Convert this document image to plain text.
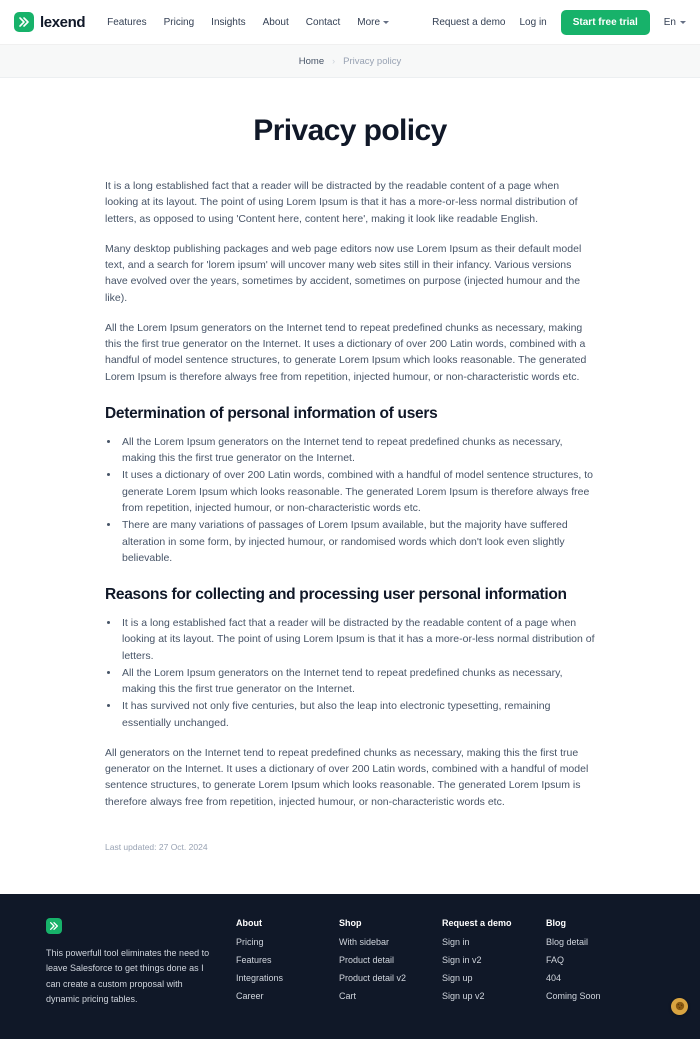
lexend Features Pricing Insights About Contact More	Request a demo Log in	Start free trial	En
Home › Privacy policy
Privacy policy

It is a long established fact that a reader will be distracted by the readable content of a page when looking at its layout. The point of using Lorem Ipsum is that it has a more-or-less normal distribution of letters, as opposed to using 'Content here, content here', making it look like readable English.

Many desktop publishing packages and web page editors now use Lorem Ipsum as their default model text, and a search for 'lorem ipsum' will uncover many web sites still in their infancy. Various versions have evolved over the years, sometimes by accident, sometimes on purpose (injected humour and the like).

All the Lorem Ipsum generators on the Internet tend to repeat predefined chunks as necessary, making this the first true generator on the Internet. It uses a dictionary of over 200 Latin words, combined with a handful of model sentence structures, to generate Lorem Ipsum which looks reasonable. The generated Lorem Ipsum is therefore always free from repetition, injected humour, or non-characteristic words etc.

Determination of personal information of users
• All the Lorem Ipsum generators on the Internet tend to repeat predefined chunks as necessary, making this the first true generator on the Internet.
• It uses a dictionary of over 200 Latin words, combined with a handful of model sentence structures, to generate Lorem Ipsum which looks reasonable. The generated Lorem Ipsum is therefore always free from repetition, injected humour, or non-characteristic words etc.
• There are many variations of passages of Lorem Ipsum available, but the majority have suffered alteration in some form, by injected humour, or randomised words which don't look even slightly believable.
Reasons for collecting and processing user personal information
• It is a long established fact that a reader will be distracted by the readable content of a page when looking at its layout. The point of using Lorem Ipsum is that it has a more-or-less normal distribution of letters.
• All the Lorem Ipsum generators on the Internet tend to repeat predefined chunks as necessary, making this the first true generator on the Internet.
• It has survived not only five centuries, but also the leap into electronic typesetting, remaining essentially unchanged.

All generators on the Internet tend to repeat predefined chunks as necessary, making this the first true generator on the Internet. It uses a dictionary of over 200 Latin words, combined with a handful of model sentence structures, to generate Lorem Ipsum which looks reasonable. The generated Lorem Ipsum is therefore always free from repetition, injected humour, or non-characteristic words etc.

Last updated: 27 Oct. 2024
This powerfull tool eliminates the need to leave Salesforce to get things done as I can create a custom proposal with dynamic pricing tables.
About
Pricing
Features
Integrations
Career
Shop
With sidebar
Product detail
Product detail v2
Cart
Request a demo
Sign in
Sign in v2
Sign up
Sign up v2
Blog
Blog detail
FAQ
404
Coming Soon
